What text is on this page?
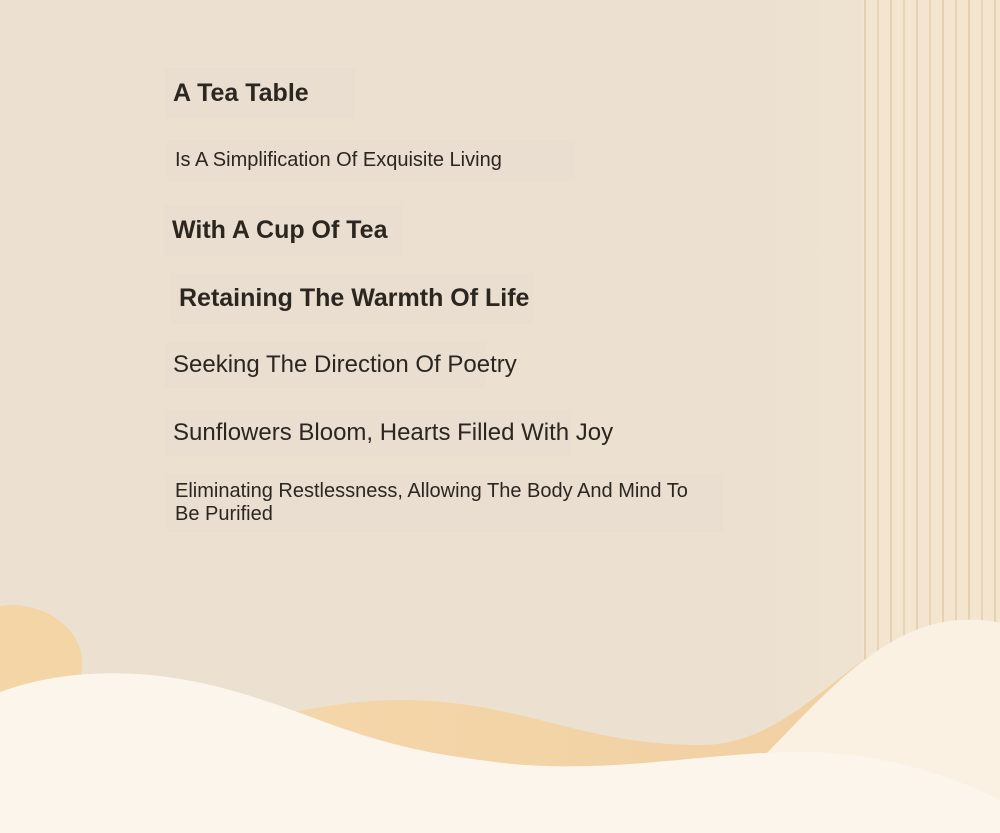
A Tea Table
Is A Simplification Of Exquisite Living
With A Cup Of Tea
Retaining The Warmth Of Life
Seeking The Direction Of Poetry
Sunflowers Bloom, Hearts Filled With Joy
Eliminating Restlessness, Allowing The Body And Mind To Be Purified
